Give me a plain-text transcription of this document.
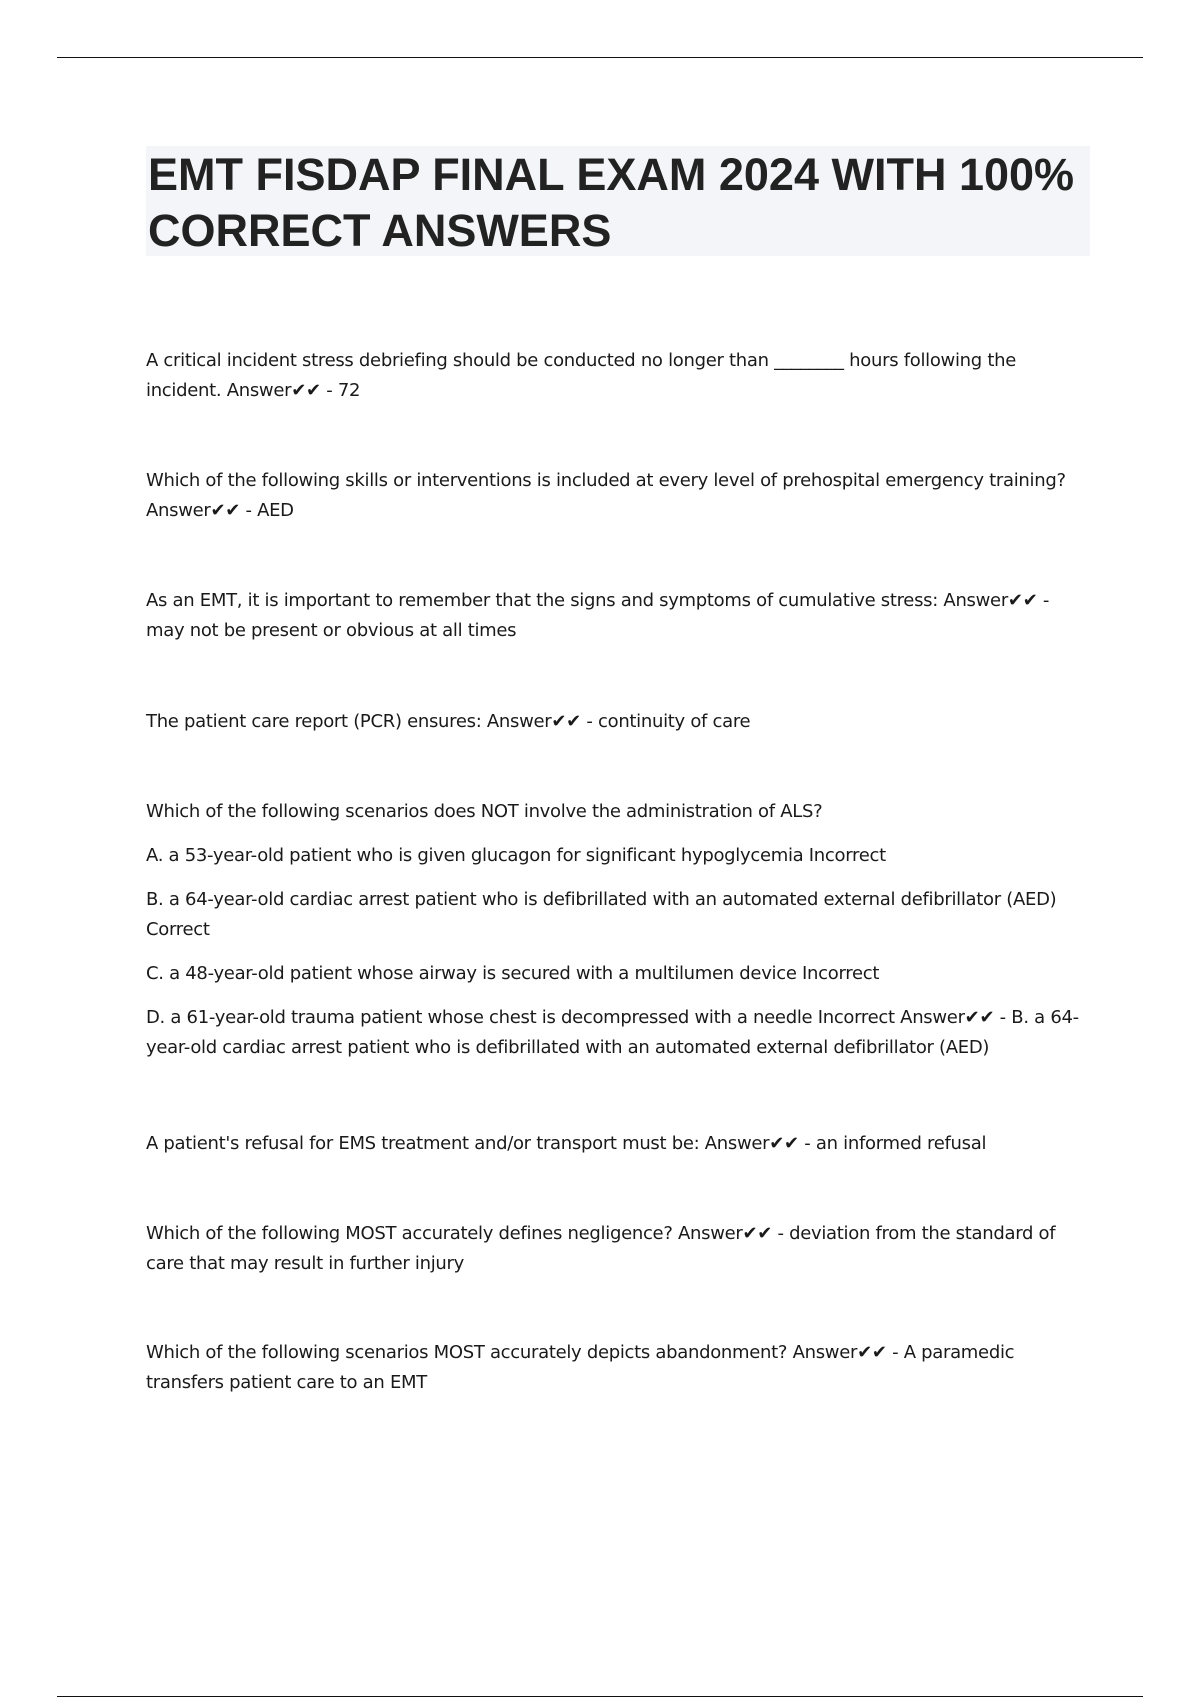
EMT FISDAP FINAL EXAM 2024 WITH 100% CORRECT ANSWERS

A critical incident stress debriefing should be conducted no longer than ________ hours following the incident. Answer✔✔ - 72

Which of the following skills or interventions is included at every level of prehospital emergency training? Answer✔✔ - AED

As an EMT, it is important to remember that the signs and symptoms of cumulative stress: Answer✔✔ - may not be present or obvious at all times

The patient care report (PCR) ensures: Answer✔✔ - continuity of care

Which of the following scenarios does NOT involve the administration of ALS?

A. a 53-year-old patient who is given glucagon for significant hypoglycemia Incorrect

B. a 64-year-old cardiac arrest patient who is defibrillated with an automated external defibrillator (AED) Correct

C. a 48-year-old patient whose airway is secured with a multilumen device Incorrect

D. a 61-year-old trauma patient whose chest is decompressed with a needle Incorrect Answer✔✔ - B. a 64-year-old cardiac arrest patient who is defibrillated with an automated external defibrillator (AED)

A patient's refusal for EMS treatment and/or transport must be: Answer✔✔ - an informed refusal

Which of the following MOST accurately defines negligence? Answer✔✔ - deviation from the standard of care that may result in further injury

Which of the following scenarios MOST accurately depicts abandonment? Answer✔✔ - A paramedic transfers patient care to an EMT
